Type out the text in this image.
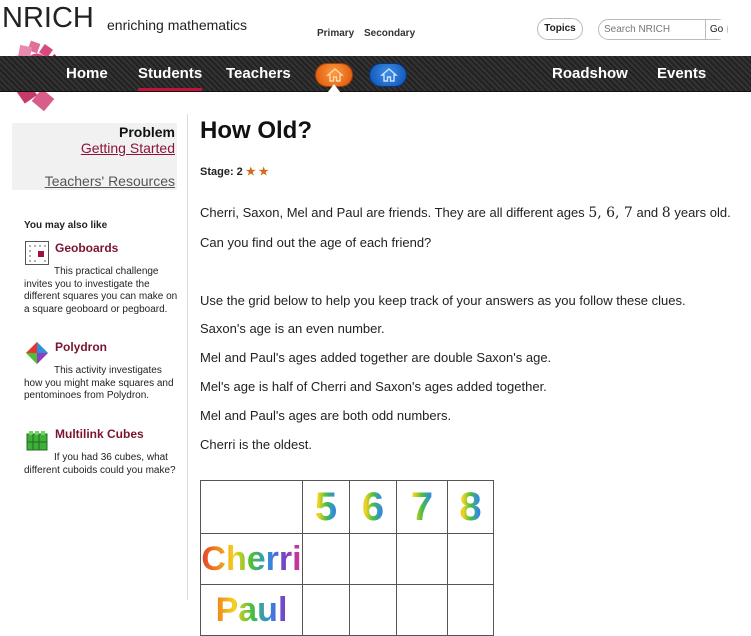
NRICH enriching mathematics
Primary Secondary	Topics
Search NRICH	Go
Home Students Teachers	Roadshow Events
Problem
Getting Started
Teachers' Resources
You may also like
Geoboards
This practical challenge invites you to investigate the different squares you can make on a square geoboard or pegboard.
Polydron
This activity investigates how you might make squares and pentominoes from Polydron.
Multilink Cubes
If you had 36 cubes, what different cuboids could you make?
How Old?
Stage: 2 ★ ★
Cherri, Saxon, Mel and Paul are friends. They are all different ages 5, 6, 7 and 8 years old.
Can you find out the age of each friend?
Use the grid below to help you keep track of your answers as you follow these clues.
Saxon's age is an even number.
Mel and Paul's ages added together are double Saxon's age.
Mel's age is half of Cherri and Saxon's ages added together.
Mel and Paul's ages are both odd numbers.
Cherri is the oldest.

	5	6	7	8

Cherri				

Paul				
